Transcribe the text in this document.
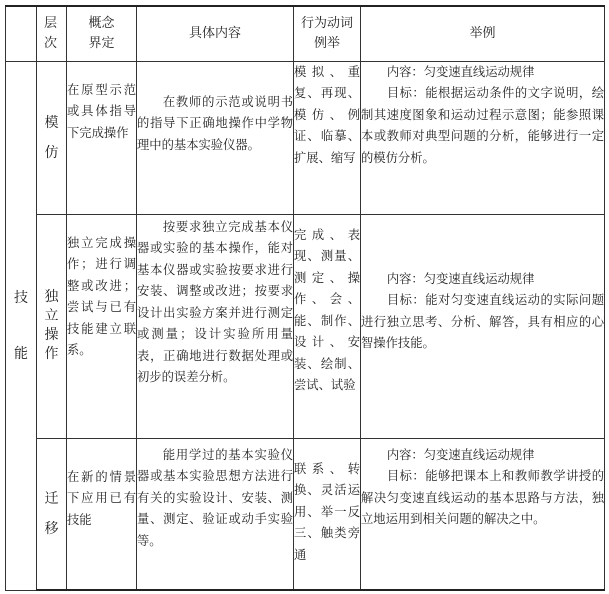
	层次	概念界定	具体内容	行为动词例举	举例

技能	模仿	在原型示范或具体指导下完成操作	在教师的示范或说明书的指导下正确地操作中学物理中的基本实验仪器。	模拟、重复、再现、模仿、例证、临摹、扩展、缩写	内容：匀变速直线运动规律
目标：能根据运动条件的文字说明，绘制其速度图象和运动过程示意图；能参照课本或教师对典型问题的分析，能够进行一定的模仿分析。

	独立操作	独立完成操作；进行调整或改进；尝试与已有技能建立联系。	按要求独立完成基本仪器或实验的基本操作，能对基本仪器或实验按要求进行安装、调整或改进；按要求设计出实验方案并进行测定或测量；设计实验所用量表，正确地进行数据处理或初步的误差分析。	完成、表现、测量、测定、操作、会、能、制作、设计、安装、绘制、尝试、试验	内容：匀变速直线运动规律
目标：能对匀变速直线运动的实际问题进行独立思考、分析、解答，具有相应的心智操作技能。

	迁移	在新的情景下应用已有技能	能用学过的基本实验仪器或基本实验思想方法进行有关的实验设计、安装、测量、测定、验证或动手实验等。	联系、转换、灵活运用、举一反三、触类旁通	内容：匀变速直线运动规律
目标：能够把课本上和教师教学讲授的解决匀变速直线运动的基本思路与方法，独立地运用到相关问题的解决之中。
